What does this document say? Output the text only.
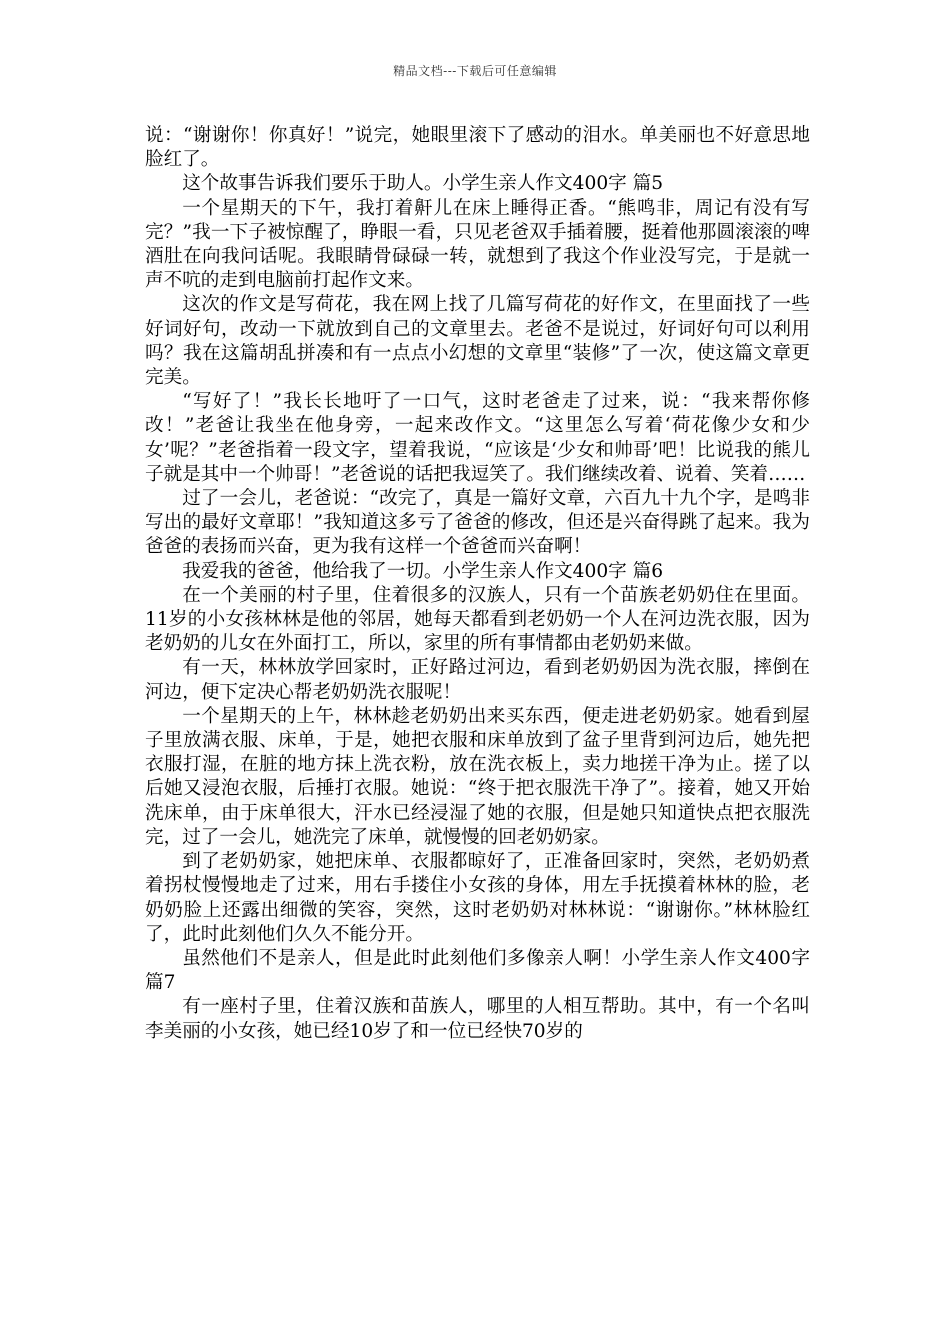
精品文档---下载后可任意编辑

说：“谢谢你！你真好！”说完，她眼里滚下了感动的泪水。单美丽也不好意思地脸红了。

这个故事告诉我们要乐于助人。小学生亲人作文400字 篇5

一个星期天的下午，我打着鼾儿在床上睡得正香。“熊鸣非，周记有没有写完？”我一下子被惊醒了，睁眼一看，只见老爸双手插着腰，挺着他那圆滚滚的啤酒肚在向我问话呢。我眼睛骨碌碌一转，就想到了我这个作业没写完，于是就一声不吭的走到电脑前打起作文来。

这次的作文是写荷花，我在网上找了几篇写荷花的好作文，在里面找了一些好词好句，改动一下就放到自己的文章里去。老爸不是说过，好词好句可以利用吗？我在这篇胡乱拼凑和有一点点小幻想的文章里“装修”了一次，使这篇文章更完美。

“写好了！”我长长地吁了一口气，这时老爸走了过来，说：“我来帮你修改！”老爸让我坐在他身旁，一起来改作文。“这里怎么写着‘荷花像少女和少女’呢？”老爸指着一段文字，望着我说，“应该是‘少女和帅哥’吧！比说我的熊儿子就是其中一个帅哥！”老爸说的话把我逗笑了。我们继续改着、说着、笑着……

过了一会儿，老爸说：“改完了，真是一篇好文章，六百九十九个字，是鸣非写出的最好文章耶！”我知道这多亏了爸爸的修改，但还是兴奋得跳了起来。我为爸爸的表扬而兴奋，更为我有这样一个爸爸而兴奋啊！

我爱我的爸爸，他给我了一切。小学生亲人作文400字 篇6

在一个美丽的村子里，住着很多的汉族人，只有一个苗族老奶奶住在里面。11岁的小女孩林林是他的邻居，她每天都看到老奶奶一个人在河边洗衣服，因为老奶奶的儿女在外面打工，所以，家里的所有事情都由老奶奶来做。

有一天，林林放学回家时，正好路过河边，看到老奶奶因为洗衣服，摔倒在河边，便下定决心帮老奶奶洗衣服呢！

一个星期天的上午，林林趁老奶奶出来买东西，便走进老奶奶家。她看到屋子里放满衣服、床单，于是，她把衣服和床单放到了盆子里背到河边后，她先把衣服打湿，在脏的地方抹上洗衣粉，放在洗衣板上，卖力地搓干净为止。搓了以后她又浸泡衣服，后捶打衣服。她说：“终于把衣服洗干净了”。接着，她又开始洗床单，由于床单很大，汗水已经浸湿了她的衣服，但是她只知道快点把衣服洗完，过了一会儿，她洗完了床单，就慢慢的回老奶奶家。

到了老奶奶家，她把床单、衣服都晾好了，正准备回家时，突然，老奶奶煮着拐杖慢慢地走了过来，用右手搂住小女孩的身体，用左手抚摸着林林的脸，老奶奶脸上还露出细微的笑容，突然，这时老奶奶对林林说：“谢谢你。”林林脸红了，此时此刻他们久久不能分开。

虽然他们不是亲人，但是此时此刻他们多像亲人啊！小学生亲人作文400字 篇7

有一座村子里，住着汉族和苗族人，哪里的人相互帮助。其中，有一个名叫李美丽的小女孩，她已经10岁了和一位已经快70岁的
